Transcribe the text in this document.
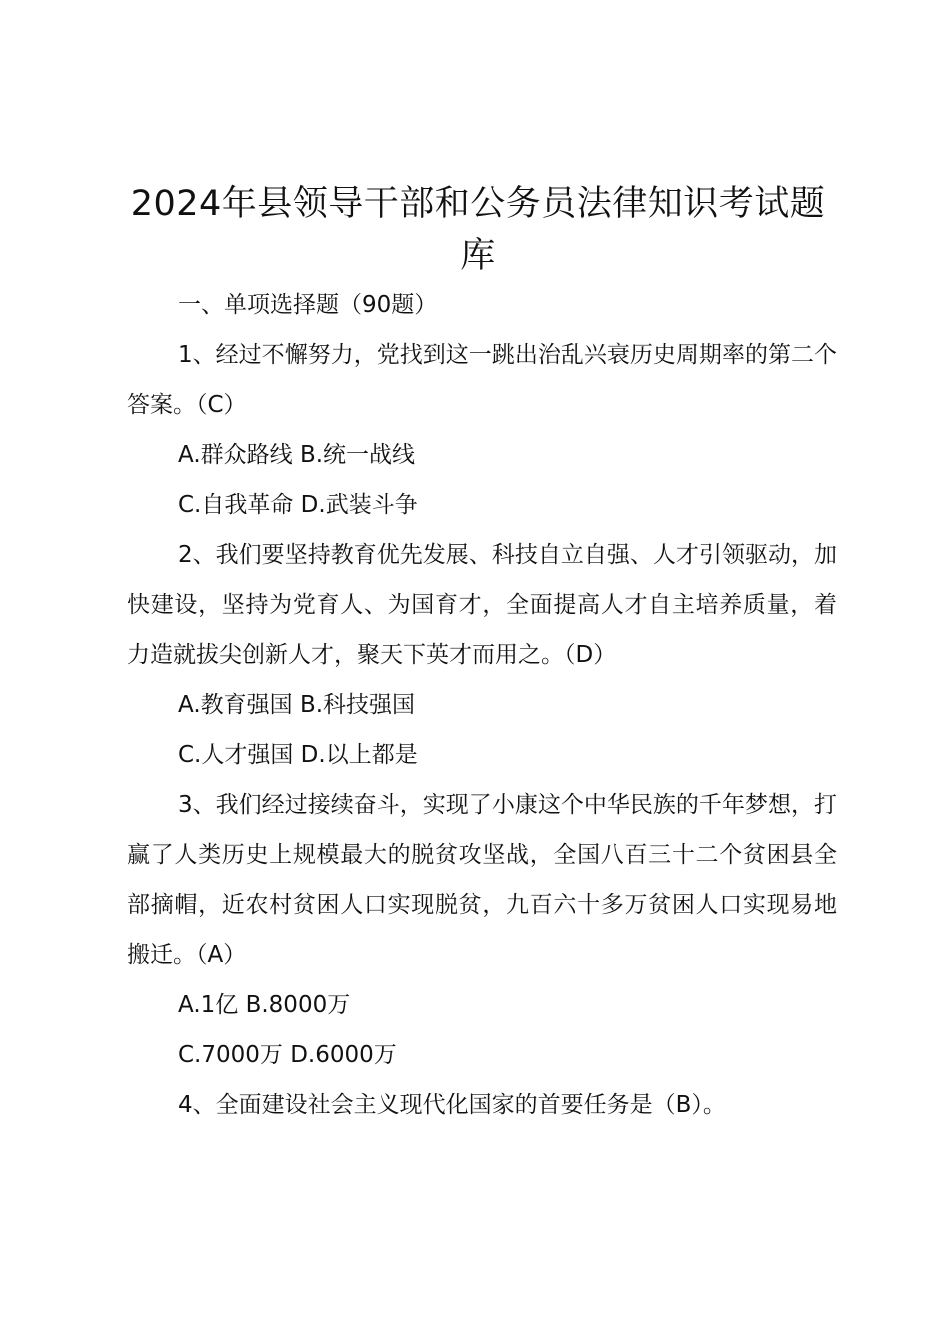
2024年县领导干部和公务员法律知识考试题库

一、单项选择题（90题）

1、经过不懈努力，党找到这一跳出治乱兴衰历史周期率的第二个答案。（C）

A.群众路线 B.统一战线

C.自我革命 D.武装斗争

2、我们要坚持教育优先发展、科技自立自强、人才引领驱动，加快建设，坚持为党育人、为国育才，全面提高人才自主培养质量，着力造就拔尖创新人才，聚天下英才而用之。（D）

A.教育强国 B.科技强国

C.人才强国 D.以上都是

3、我们经过接续奋斗，实现了小康这个中华民族的千年梦想，打赢了人类历史上规模最大的脱贫攻坚战，全国八百三十二个贫困县全部摘帽，近农村贫困人口实现脱贫，九百六十多万贫困人口实现易地搬迁。（A）

A.1亿 B.8000万

C.7000万 D.6000万

4、全面建设社会主义现代化国家的首要任务是（B）。
